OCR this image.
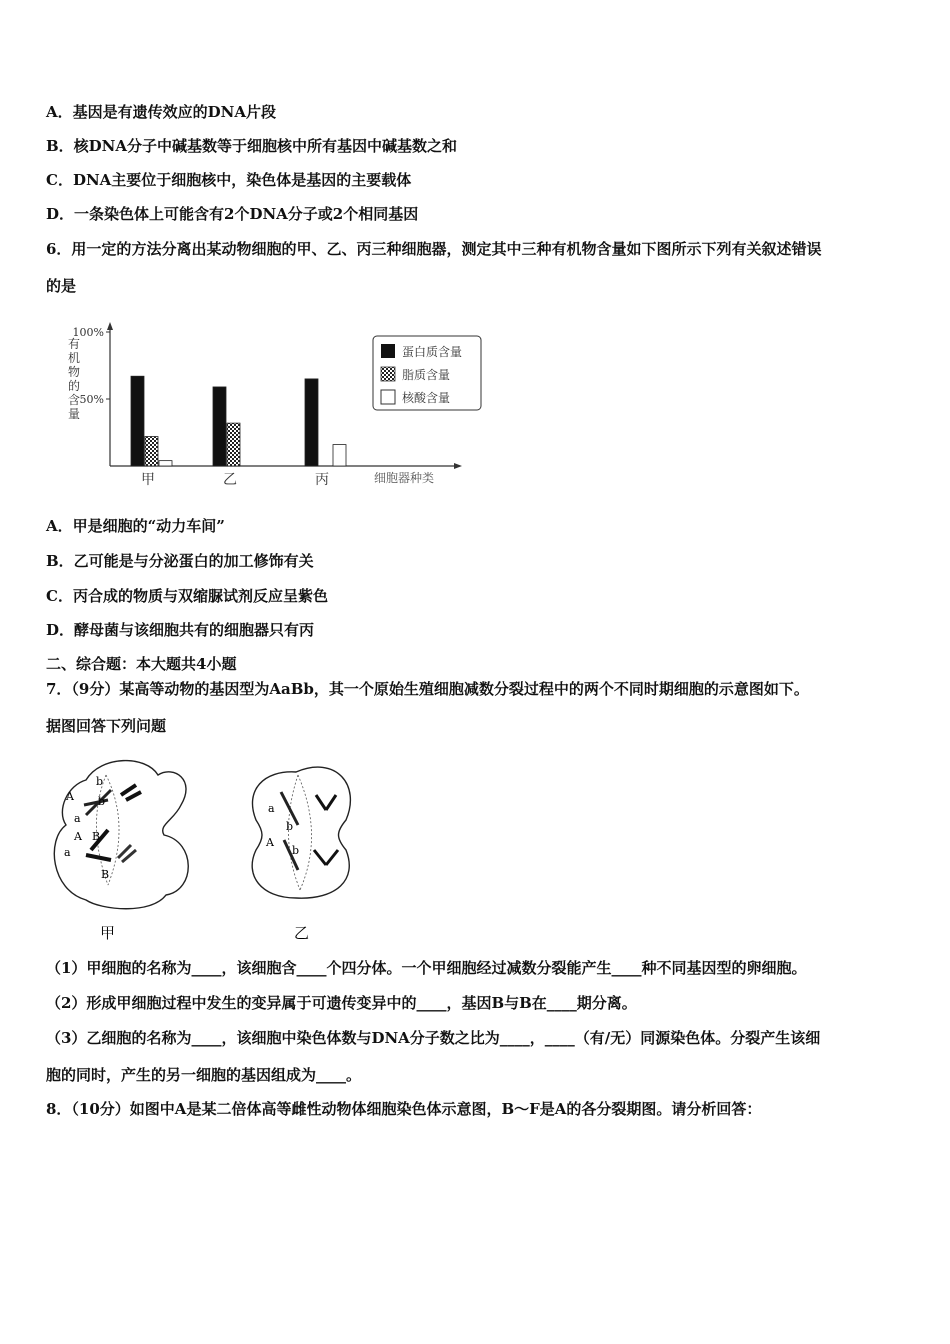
A．基因是有遗传效应的DNA片段
B．核DNA分子中碱基数等于细胞核中所有基因中碱基数之和
C．DNA主要位于细胞核中，染色体是基因的主要载体
D．一条染色体上可能含有2个DNA分子或2个相同基因
6．用一定的方法分离出某动物细胞的甲、乙、丙三种细胞器，测定其中三种有机物含量如下图所示下列有关叙述错误
的是
有机物的含量
细胞器种类
100%
50%
甲	乙	丙
蛋白质含量
脂质含量
核酸含量
A．甲是细胞的“动力车间”
B．乙可能是与分泌蛋白的加工修饰有关
C．丙合成的物质与双缩脲试剂反应呈紫色
D．酵母菌与该细胞共有的细胞器只有丙
二、综合题：本大题共4小题
7．（9分）某高等动物的基因型为AaBb，其一个原始生殖细胞减数分裂过程中的两个不同时期细胞的示意图如下。
据图回答下列问题
A
a
b
b
A B
a
B
甲
a
b
A
b
乙
（1）甲细胞的名称为____，该细胞含____个四分体。一个甲细胞经过减数分裂能产生____种不同基因型的卵细胞。
（2）形成甲细胞过程中发生的变异属于可遗传变异中的____，基因B与B在____期分离。
（3）乙细胞的名称为____，该细胞中染色体数与DNA分子数之比为____，____（有/无）同源染色体。分裂产生该细
胞的同时，产生的另一细胞的基因组成为____。
8．（10分）如图中A是某二倍体高等雌性动物体细胞染色体示意图，B～F是A的各分裂期图。请分析回答：
